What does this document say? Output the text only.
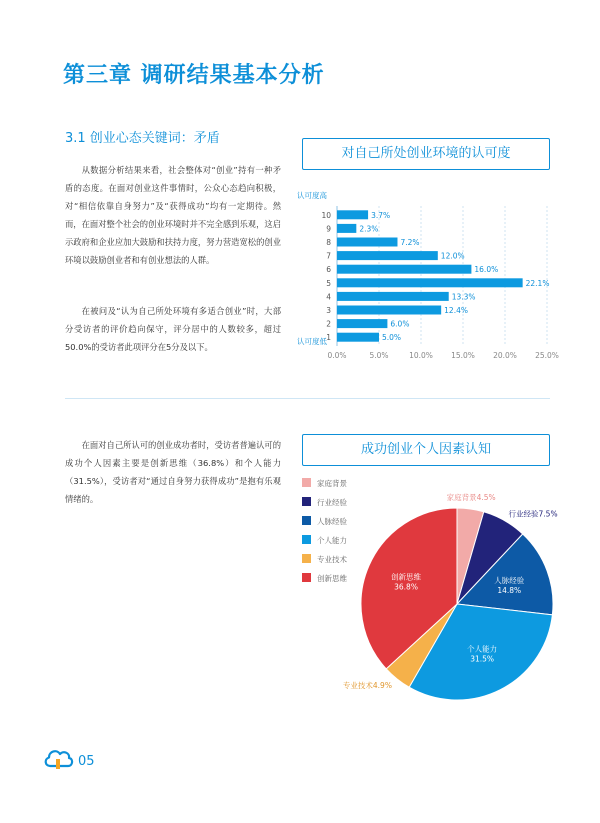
第三章 调研结果基本分析
3.1 创业心态关键词：矛盾

从数据分析结果来看，社会整体对“创业”持有一种矛盾的态度。在面对创业这件事情时，公众心态趋向积极，对“相信依靠自身努力”及“获得成功”均有一定期待。然而，在面对整个社会的创业环境时并不完全感到乐观，这启示政府和企业应加大鼓励和扶持力度，努力营造宽松的创业环境以鼓励创业者和有创业想法的人群。

在被问及“认为自己所处环境有多适合创业”时，大部分受访者的评价趋向保守，评分居中的人数较多，超过50.0%的受访者此项评分在5分及以下。

对自己所处创业环境的认可度
0.0%	5.0%	10.0% 15.0% 20.0% 25.0%
认可度高
10	3.7%
9	2.3%
8	7.2%
7	12.0%
6	16.0%
5	22.1%
4	13.3%
3	12.4%
2	6.0%
1	5.0%
认可度低

在面对自己所认可的创业成功者时，受访者普遍认可的成功个人因素主要是创新思维（36.8%）和个人能力（31.5%），受访者对“通过自身努力获得成功”是抱有乐观情绪的。

成功创业个人因素认知
家庭背景
行业经验
人脉经验
个人能力
专业技术
创新思维
家庭背景4.5%
行业经验7.5%
人脉经验
14.8%
个人能力
31.5%
专业技术4.9%
创新思维
36.8%
05
